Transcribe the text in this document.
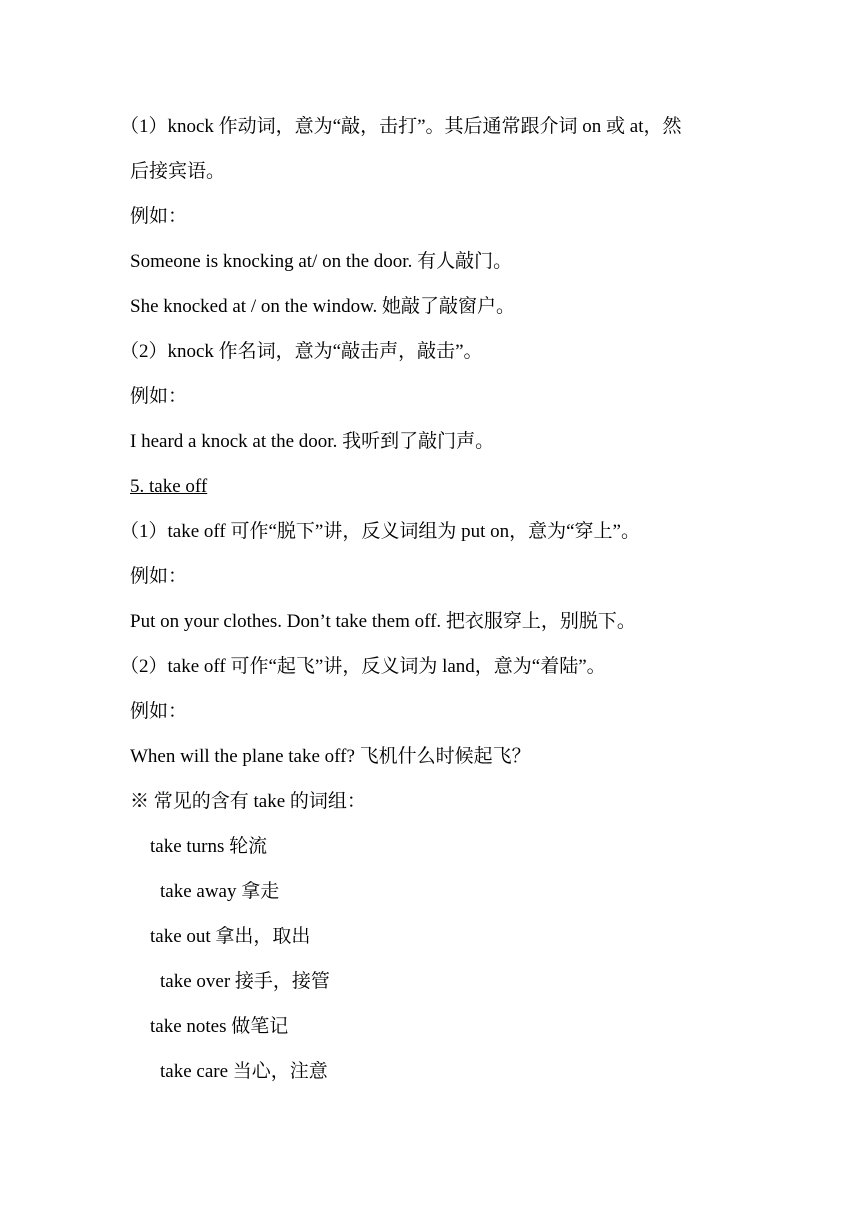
（1）knock 作动词，意为“敲，击打”。其后通常跟介词 on 或 at，然
后接宾语。
例如：
Someone is knocking at/ on the door. 有人敲门。
She knocked at / on the window. 她敲了敲窗户。
（2）knock 作名词，意为“敲击声，敲击”。
例如：
I heard a knock at the door. 我听到了敲门声。
5. take off
（1）take off 可作“脱下”讲，反义词组为 put on，意为“穿上”。
例如：
Put on your clothes. Don’t take them off. 把衣服穿上，别脱下。
（2）take off 可作“起飞”讲，反义词为 land，意为“着陆”。
例如：
When will the plane take off? 飞机什么时候起飞？
※ 常见的含有 take 的词组：
take turns 轮流
take away 拿走
take out 拿出，取出
take over 接手，接管
take notes 做笔记
take care 当心，注意
